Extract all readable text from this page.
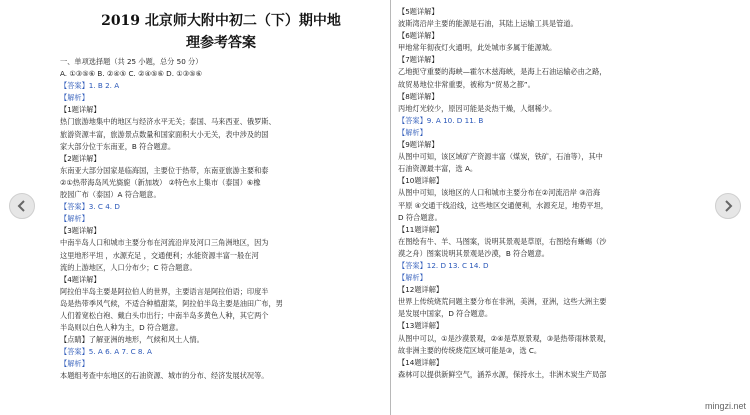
2019 北京师大附中初二（下）期中地
理参考答案
一、单项选择题（共 25 小题，总分 50 分）
A. ①③⑤⑥ B. ②④⑤ C. ②④⑤⑥ D. ①③⑤⑥
【答案】1. B 2. A
【解析】
【1题详解】
热门旅游地集中的地区与经济水平无关；泰国、马来西亚、俄罗斯、
旅游资源丰富，旅游景点数量和国家面积大小无关，表中涉及的国
家大部分位于东南亚，B 符合题意。
【2题详解】
东南亚大部分国家是临海国，主要位于热带，东南亚旅游主要和泰
②①热带海岛风光旖旎（新加坡） ②特色水上集市（泰国）⑥橡
胶园广布（泰国）A 符合题意。
【答案】3. C 4. D
【解析】
【3题详解】
中南半岛人口和城市主要分布在河流沿岸及河口三角洲地区，因为
这里地形平坦 ，水源充足 ，交通便利；水能资源丰富一般在河
流的上游地区，人口分布少；C 符合题意。
【4题详解】
阿拉伯半岛主要是阿拉伯人的世界，主要语言是阿拉伯语；印度半
岛是热带季风气候，不适合种植甜菜，阿拉伯半岛主要是油田广布，男
人们着宽松白袍、戴白头巾出行；中南半岛多黄色人种，其它两个
半岛则以白色人种为主，D 符合题意。
【点睛】了解亚洲的地形，气候和风土人情。
【答案】5. A 6. A 7. C 8. A
【解析】
本题组考查中东地区的石油资源、城市的分布、经济发展状况等。
【5题详解】
波斯湾沿岸主要的能源是石油，其陆上运输工具是管道。
【6题详解】
甲地常年彻夜灯火通明，此处城市多属于能源城。
【7题详解】
乙地扼守重要的海峡—霍尔木兹海峡，是海上石油运输必由之路，
故贸易地位非常重要，被称为“贸易之都”。
【8题详解】
丙地灯光较少，原因可能是炎热干燥，人烟稀少。
【答案】9. A 10. D 11. B
【解析】
【9题详解】
从图中可知，该区域矿产资源丰富（煤炭，铁矿，石油等），其中
石油资源最丰富，选 A。
【10题详解】
从图中可知，该地区的人口和城市主要分布在②河流沿岸 ③沿海
平原 ④交通干线沿线，这些地区交通便利，水源充足，地势平坦，
D 符合题意。
【11题详解】
在图绘有牛、羊、马图案，说明其景观是草原，右图绘有蜥蜴（沙
漠之舟）图案说明其景观是沙漠，B 符合题意。
【答案】12. D 13. C 14. D
【解析】
【12题详解】
世界上传统烧荒问题主要分布在非洲，美洲，亚洲，这些大洲主要
是发展中国家，D 符合题意。
【13题详解】
从图中可以，①是沙漠景观，②④是草原景观，③是热带雨林景观，
故非洲主要的传统烧荒区域可能是③，选 C。
【14题详解】
森林可以提供新鲜空气，涵养水源，保持水土，非洲木炭生产局部
mingzi.net
